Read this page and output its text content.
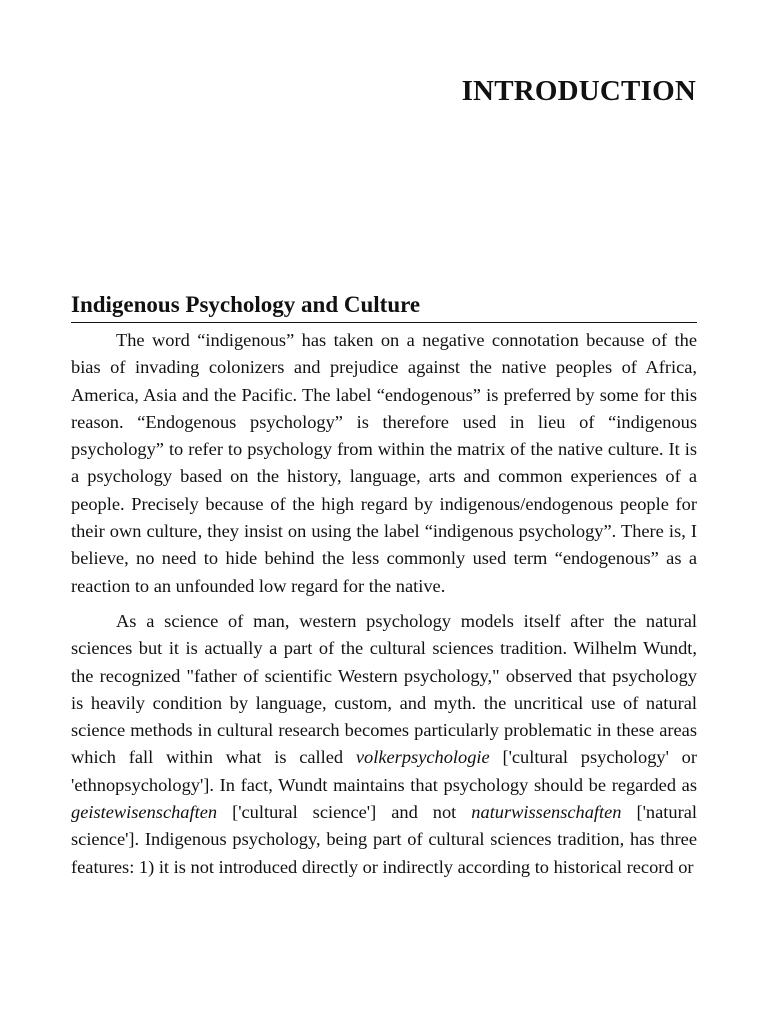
INTRODUCTION
Indigenous Psychology and Culture

The word “indigenous” has taken on a negative connotation because of the bias of invading colonizers and prejudice against the native peoples of Africa, America, Asia and the Pacific. The label “endogenous” is preferred by some for this reason. “Endogenous psychology” is therefore used in lieu of “indigenous psychology” to refer to psychology from within the matrix of the native culture. It is a psychology based on the history, language, arts and common experiences of a people. Precisely because of the high regard by indigenous/endogenous people for their own culture, they insist on using the label “indigenous psychology”. There is, I believe, no need to hide behind the less commonly used term “endogenous” as a reaction to an unfounded low regard for the native.

As a science of man, western psychology models itself after the natural sciences but it is actually a part of the cultural sciences tradition. Wilhelm Wundt, the recognized "father of scientific Western psychology," observed that psychology is heavily condition by language, custom, and myth. the uncritical use of natural science methods in cultural research becomes particularly problematic in these areas which fall within what is called volkerpsychologie ['cultural psychology' or 'ethnopsychology']. In fact, Wundt maintains that psychology should be regarded as geistewisenschaften ['cultural science'] and not naturwissenschaften ['natural science']. Indigenous psychology, being part of cultural sciences tradition, has three features: 1) it is not introduced directly or indirectly according to historical record or
